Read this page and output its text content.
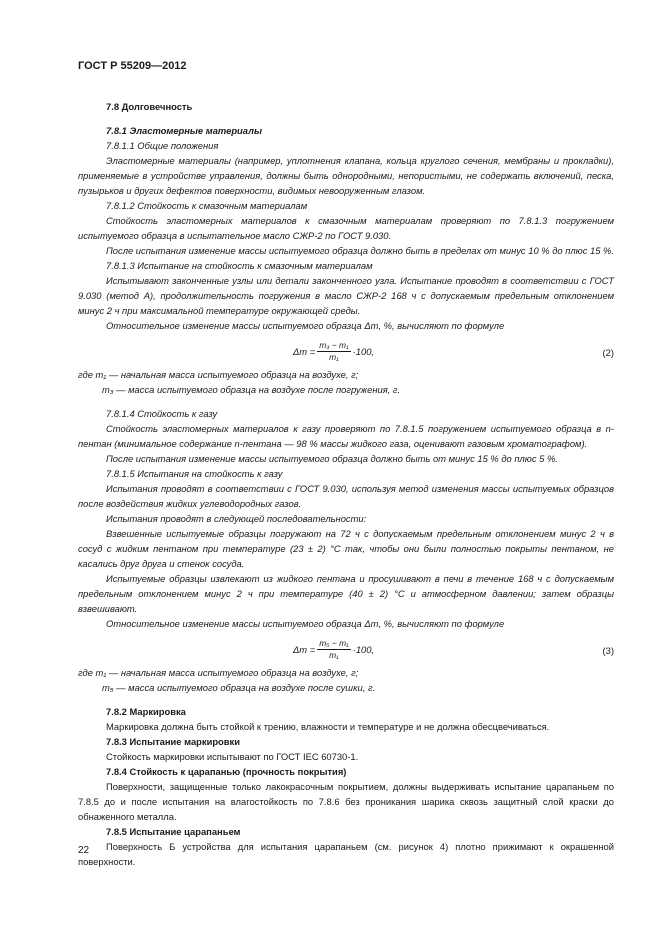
ГОСТ Р 55209—2012

7.8 Долговечность

7.8.1 Эластомерные материалы

7.8.1.1 Общие положения

Эластомерные материалы (например, уплотнения клапана, кольца круглого сечения, мембраны и прокладки), применяемые в устройстве управления, должны быть однородными, непористыми, не содержать включений, песка, пузырьков и других дефектов поверхности, видимых невооруженным глазом.

7.8.1.2 Стойкость к смазочным материалам

Стойкость эластомерных материалов к смазочным материалам проверяют по 7.8.1.3 погружением испытуемого образца в испытательное масло СЖР-2 по ГОСТ 9.030.

После испытания изменение массы испытуемого образца должно быть в пределах от минус 10 % до плюс 15 %.

7.8.1.3 Испытание на стойкость к смазочным материалам

Испытывают законченные узлы или детали законченного узла. Испытание проводят в соответствии с ГОСТ 9.030 (метод А), продолжительность погружения в масло СЖР-2 168 ч с допускаемым предельным отклонением минус 2 ч при максимальной температуре окружающей среды.

Относительное изменение массы испытуемого образца Δm, %, вычисляют по формуле

$\Delta m = \frac{\text{m₃ − m₁}}{\text{m₁}} \cdot 100$,	(2)

где m₁ — начальная масса испытуемого образца на воздухе, г;

m₃ — масса испытуемого образца на воздухе после погружения, г.

7.8.1.4 Стойкость к газу

Стойкость эластомерных материалов к газу проверяют по 7.8.1.5 погружением испытуемого образца в n-пентан (минимальное содержание n-пентана — 98 % массы жидкого газа, оценивают газовым хроматографом).

После испытания изменение массы испытуемого образца должно быть от минус 15 % до плюс 5 %.

7.8.1.5 Испытания на стойкость к газу

Испытания проводят в соответствии с ГОСТ 9.030, используя метод изменения массы испытуемых образцов после воздействия жидких углеводородных газов.

Испытания проводят в следующей последовательности:

Взвешенные испытуемые образцы погружают на 72 ч с допускаемым предельным отклонением минус 2 ч в сосуд с жидким пентаном при температуре (23 ± 2) °С так, чтобы они были полностью покрыты пентаном, не касались друг друга и стенок сосуда.

Испытуемые образцы извлекают из жидкого пентана и просушивают в печи в течение 168 ч с допускаемым предельным отклонением минус 2 ч при температуре (40 ± 2) °С и атмосферном давлении; затем образцы взвешивают.

Относительное изменение массы испытуемого образца Δm, %, вычисляют по формуле

$\Delta m = \frac{\text{m₅ − m₁}}{\text{m₁}} \cdot 100$,	(3)

где m₁ — начальная масса испытуемого образца на воздухе, г;

m₅ — масса испытуемого образца на воздухе после сушки, г.

7.8.2 Маркировка

Маркировка должна быть стойкой к трению, влажности и температуре и не должна обесцвечиваться.

7.8.3 Испытание маркировки

Стойкость маркировки испытывают по ГОСТ IEC 60730-1.

7.8.4 Стойкость к царапанью (прочность покрытия)

Поверхности, защищенные только лакокрасочным покрытием, должны выдерживать испытание царапаньем по 7.8.5 до и после испытания на влагостойкость по 7.8.6 без проникания шарика сквозь защитный слой краски до обнаженного металла.

7.8.5 Испытание царапаньем

Поверхность Б устройства для испытания царапаньем (см. рисунок 4) плотно прижимают к окрашенной поверхности.

22
